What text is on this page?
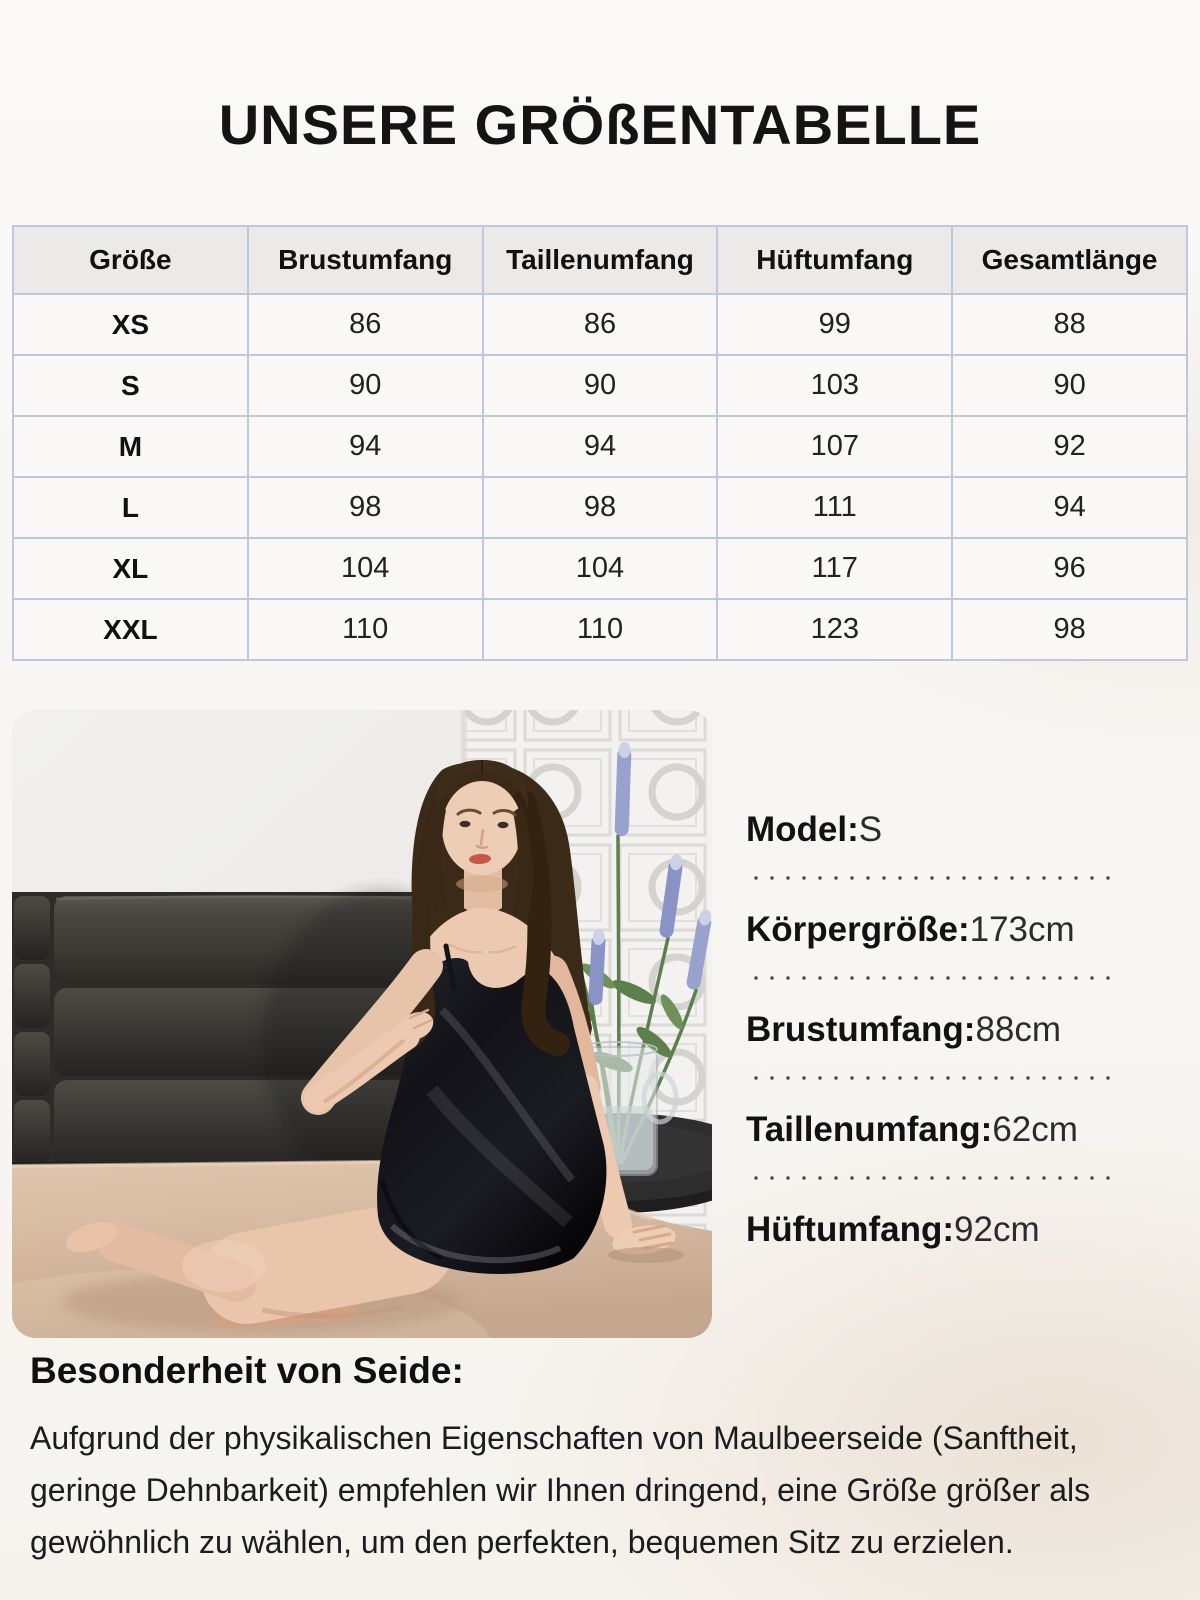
UNSERE GRÖßENTABELLE
Größe	Brustumfang	Taillenumfang	Hüftumfang	Gesamtlänge
XS	86	86	99	88
S	90	90	103	90
M	94	94	107	92
L	98	98	111	94
XL	104	104	117	96
XXL	110	110	123	98
Model:S
Körpergröße:173cm
Brustumfang:88cm
Taillenumfang:62cm
Hüftumfang:92cm
Besonderheit von Seide:
Aufgrund der physikalischen Eigenschaften von Maulbeerseide (Sanftheit,
geringe Dehnbarkeit) empfehlen wir Ihnen dringend, eine Größe größer als
gewöhnlich zu wählen, um den perfekten, bequemen Sitz zu erzielen.
